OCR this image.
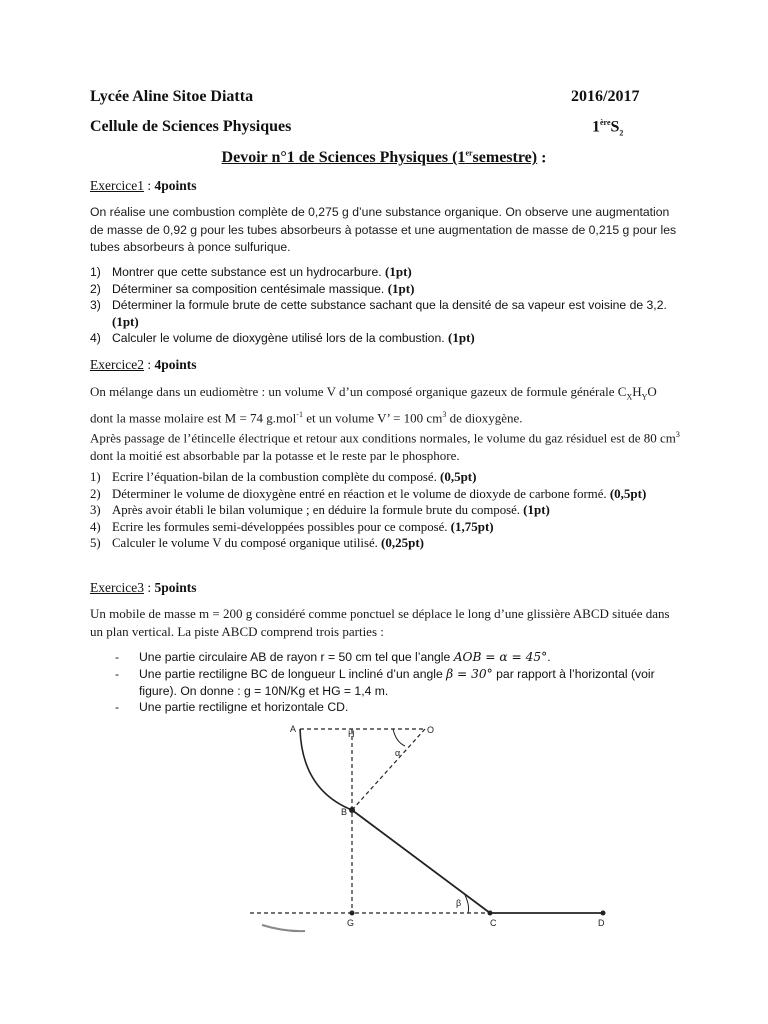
Lycée Aline Sitoe Diatta	2016/2017
Cellule de Sciences Physiques	$1èreS_2$
Devoir n°1 de Sciences Physiques (1ersemestre) :
Exercice1 : 4points
On réalise une combustion complète de 0,275 g d’une substance organique. On observe une augmentation de masse de 0,92 g pour les tubes absorbeurs à potasse et une augmentation de masse de 0,215 g pour les tubes absorbeurs à ponce sulfurique.
1) Montrer que cette substance est un hydrocarbure. (1pt)
2) Déterminer sa composition centésimale massique. (1pt)
3) Déterminer la formule brute de cette substance sachant que la densité de sa vapeur est voisine de 3,2. (1pt)
4) Calculer le volume de dioxygène utilisé lors de la combustion. (1pt)
Exercice2 : 4points
On mélange dans un eudiomètre : un volume V d’un composé organique gazeux de formule générale $C_XH_YO$ dont la masse molaire est M = 74 g.mol$^{-1}$ et un volume V’ = 100 $cm^3$ de dioxygène.
Après passage de l’étincelle électrique et retour aux conditions normales, le volume du gaz résiduel est de 80 $cm^3$ dont la moitié est absorbable par la potasse et le reste par le phosphore.
1) Ecrire l’équation-bilan de la combustion complète du composé. (0,5pt)
2) Déterminer le volume de dioxygène entré en réaction et le volume de dioxyde de carbone formé. (0,5pt)
3) Après avoir établi le bilan volumique ; en déduire la formule brute du composé. (1pt)
4) Ecrire les formules semi-développées possibles pour ce composé. (1,75pt)
5) Calculer le volume V du composé organique utilisé. (0,25pt)
Exercice3 : 5points
Un mobile de masse m = 200 g considéré comme ponctuel se déplace le long d’une glissière ABCD située dans un plan vertical. La piste ABCD comprend trois parties :
- Une partie circulaire AB de rayon r = 50 cm tel que l’angle AOB = α = 45°.
- Une partie rectiligne BC de longueur L incliné d’un angle β = 30° par rapport à l’horizontal (voir figure). On donne : g = 10N/Kg et HG = 1,4 m.
- Une partie rectiligne et horizontale CD.
A	H	O
α
B
β
G	C	D
